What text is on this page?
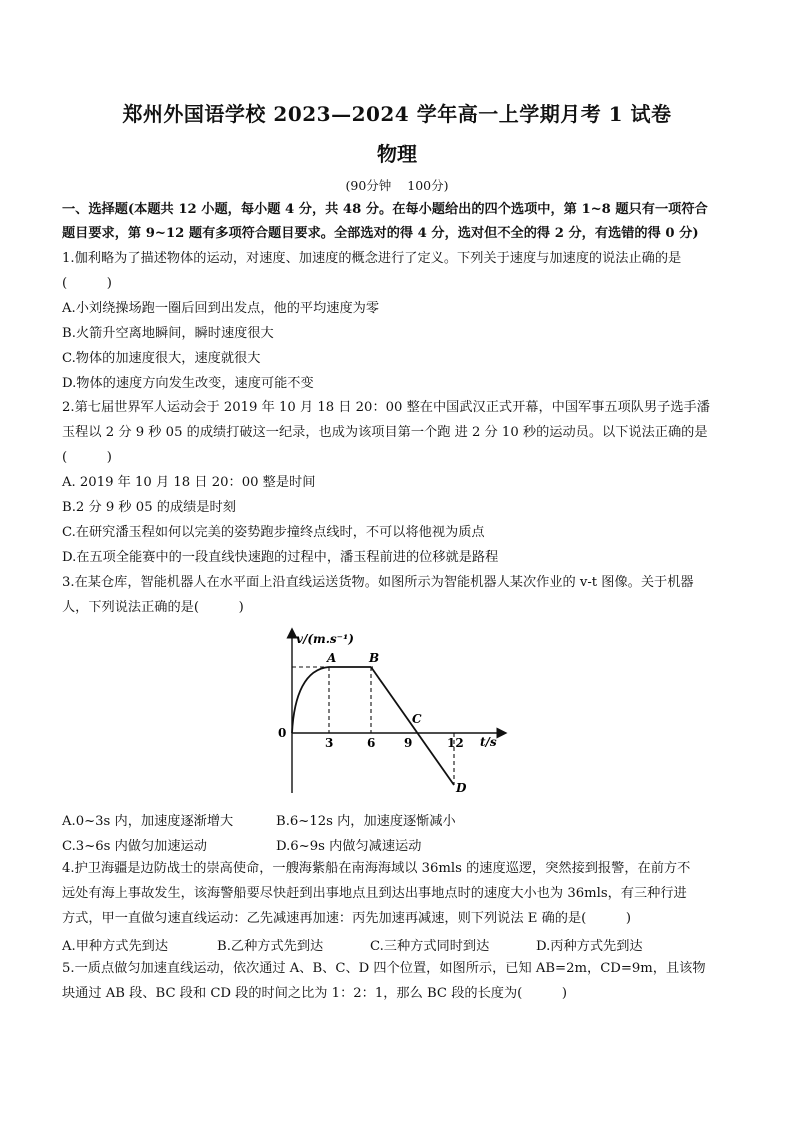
郑州外国语学校 2023—2024 学年高一上学期月考 1 试卷
物理
(90分钟 100分)
一、选择题(本题共 12 小题，每小题 4 分，共 48 分。在每小题给出的四个选项中，第 1~8 题只有一项符合
题目要求，第 9~12 题有多项符合题目要求。全部选对的得 4 分，选对但不全的得 2 分，有选错的得 0 分)
1.伽利略为了描述物体的运动，对速度、加速度的概念进行了定义。下列关于速度与加速度的说法止确的是
(　　　)
A.小刘绕操场跑一圈后回到出发点，他的平均速度为零
B.火箭升空离地瞬间，瞬时速度很大
C.物体的加速度很大，速度就很大
D.物体的速度方向发生改变，速度可能不变
2.第七届世界军人运动会于 2019 年 10 月 18 日 20：00 整在中国武汉正式开幕，中国军事五项队男子选手潘
玉程以 2 分 9 秒 05 的成绩打破这一纪录，也成为该项目第一个跑 进 2 分 10 秒的运动员。以下说法正确的是
(　　　)
A. 2019 年 10 月 18 日 20：00 整是时间
B.2 分 9 秒 05 的成绩是时刻
C.在研究潘玉程如何以完美的姿势跑步撞终点线时，不可以将他视为质点
D.在五项全能赛中的一段直线快速跑的过程中，潘玉程前进的位移就是路程
3.在某仓库，智能机器人在水平面上沿直线运送货物。如图所示为智能机器人某次作业的 v-t 图像。关于机器
人，下列说法正确的是(　　　)
v/(m.s⁻¹)
t/s
0
3	6 9	12
A	B
C
D
A.0~3s 内，加速度逐渐增大	B.6~12s 内，加速度逐惭减小
C.3~6s 内做匀加速运动	D.6~9s 内做匀减速运动
4.护卫海疆是边防战士的崇高使命，一艘海紫船在南海海域以 36mls 的速度巡逻，突然接到报警，在前方不
远处有海上事故发生，该海警船要尽快赶到出事地点且到达出事地点时的速度大小也为 36mls，有三种行进
方式，甲一直做匀速直线运动：乙先减速再加速：丙先加速再减速，则下列说法 E 确的是(　　　)
A.甲种方式先到达	B.乙种方式先到达	C.三种方式同时到达	D.丙种方式先到达
5.一质点做匀加速直线运动，依次通过 A、B、C、D 四个位置，如图所示，已知 AB=2m，CD=9m，且该物
块通过 AB 段、BC 段和 CD 段的时间之比为 1：2：1，那么 BC 段的长度为(　　　)
